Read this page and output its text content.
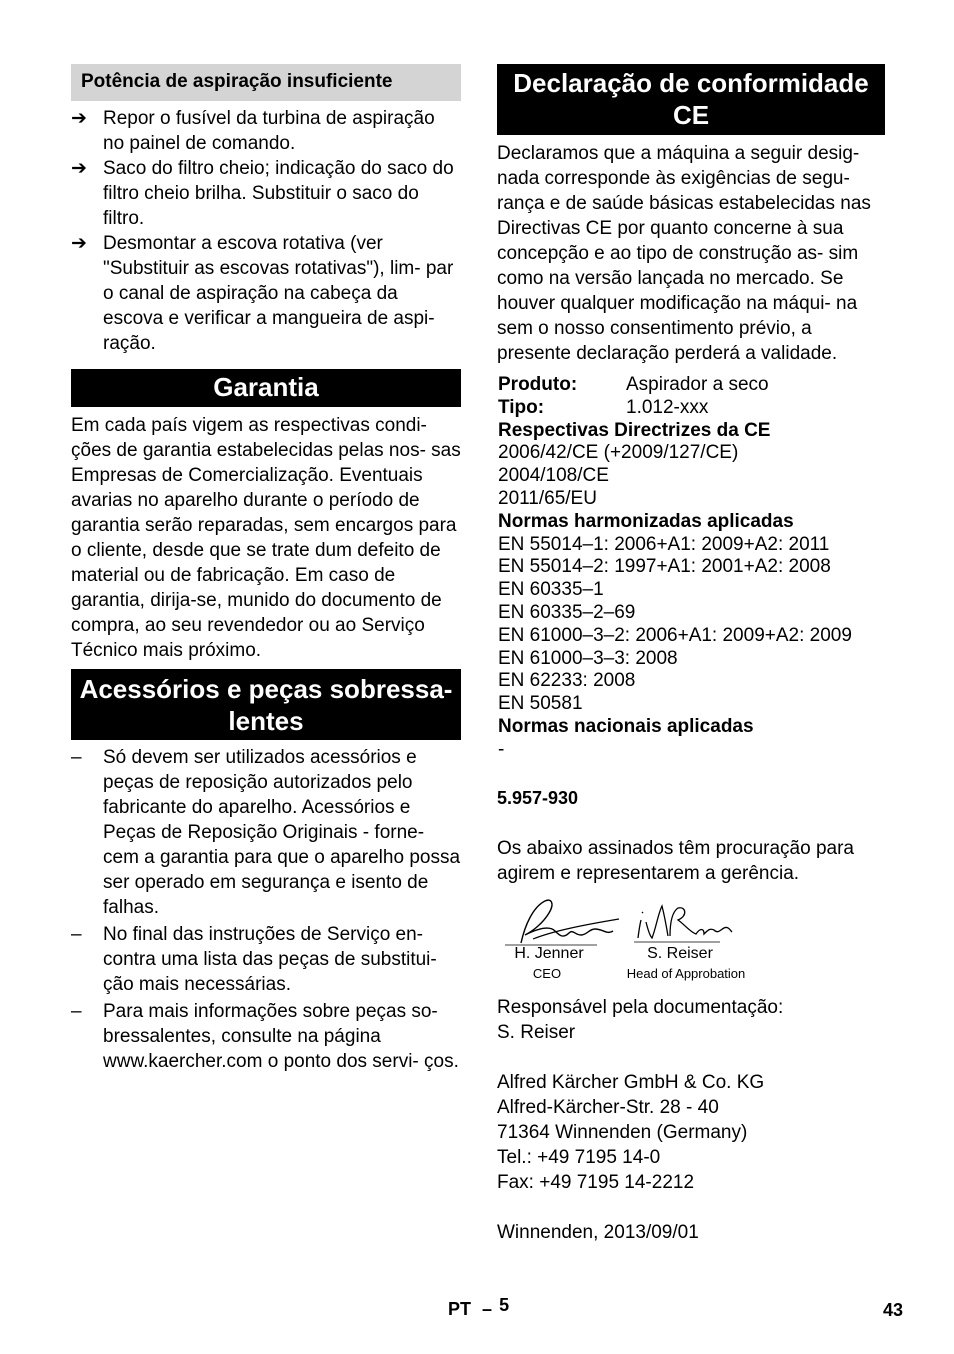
Potência de aspiração insuficiente
➔ Repor o fusível da turbina de aspiração no painel de comando.
➔ Saco do filtro cheio; indicação do saco do filtro cheio brilha. Substituir o saco do filtro.
➔ Desmontar a escova rotativa (ver "Substituir as escovas rotativas"), lim- par o canal de aspiração na cabeça da escova e verificar a mangueira de aspi- ração.
Garantia

Em cada país vigem as respectivas condi- ções de garantia estabelecidas pelas nos- sas Empresas de Comercialização. Eventuais avarias no aparelho durante o período de garantia serão reparadas, sem encargos para o cliente, desde que se trate dum defeito de material ou de fabricação. Em caso de garantia, dirija-se, munido do documento de compra, ao seu revendedor ou ao Serviço Técnico mais próximo.

Acessórios e peças sobressa- lentes
–	Só devem ser utilizados acessórios e peças de reposição autorizados pelo fabricante do aparelho. Acessórios e Peças de Reposição Originais - forne- cem a garantia para que o aparelho possa ser operado em segurança e isento de falhas.
–	No final das instruções de Serviço en- contra uma lista das peças de substitui- ção mais necessárias.
–	Para mais informações sobre peças so- bressalentes, consulte na página www.kaercher.com o ponto dos servi- ços.
Declaração de conformidade CE

Declaramos que a máquina a seguir desig- nada corresponde às exigências de segu- rança e de saúde básicas estabelecidas nas Directivas CE por quanto concerne à sua concepção e ao tipo de construção as- sim como na versão lançada no mercado. Se houver qualquer modificação na máqui- na sem o nosso consentimento prévio, a presente declaração perderá a validade.

Produto:	Aspirador a seco
Tipo:	1.012-xxx
Respectivas Directrizes da CE
2006/42/CE (+2009/127/CE)
2004/108/CE
2011/65/EU
Normas harmonizadas aplicadas
EN 55014–1: 2006+A1: 2009+A2: 2011
EN 55014–2: 1997+A1: 2001+A2: 2008
EN 60335–1
EN 60335–2–69
EN 61000–3–2: 2006+A1: 2009+A2: 2009
EN 61000–3–3: 2008
EN 62233: 2008
EN 50581
Normas nacionais aplicadas
-
5.957-930

Os abaixo assinados têm procuração para agirem e representarem a gerência.

H. Jenner
CEO
S. Reiser
Head of Approbation
Responsável pela documentação:
S. Reiser
Alfred Kärcher GmbH & Co. KG
Alfred-Kärcher-Str. 28 - 40
71364 Winnenden (Germany)
Tel.: +49 7195 14-0
Fax: +49 7195 14-2212
Winnenden, 2013/09/01
PT – 5	43
